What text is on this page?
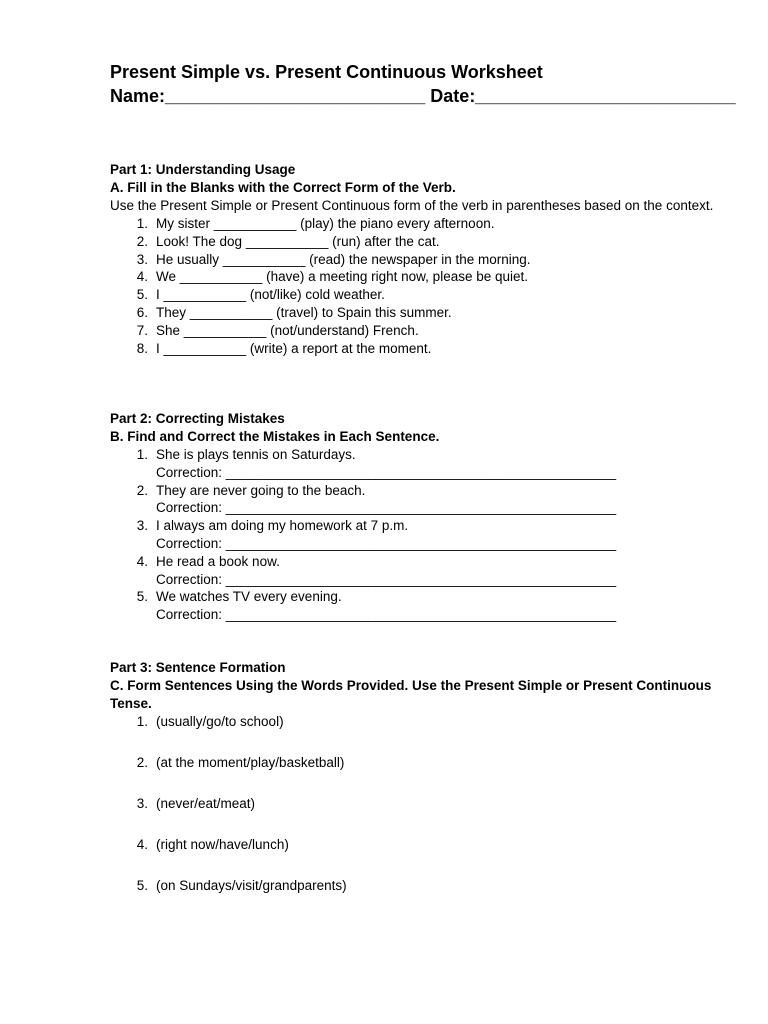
Present Simple vs. Present Continuous Worksheet
Name:__________________________ Date:__________________________

Part 1: Understanding Usage

A. Fill in the Blanks with the Correct Form of the Verb.

Use the Present Simple or Present Continuous form of the verb in parentheses based on the context.

1. My sister ___________ (play) the piano every afternoon.
2. Look! The dog ___________ (run) after the cat.
3. He usually ___________ (read) the newspaper in the morning.
4. We ___________ (have) a meeting right now, please be quiet.
5. I ___________ (not/like) cold weather.
6. They ___________ (travel) to Spain this summer.
7. She ___________ (not/understand) French.
8. I ___________ (write) a report at the moment.

Part 2: Correcting Mistakes

B. Find and Correct the Mistakes in Each Sentence.

1. She is plays tennis on Saturdays.
Correction: ____________________________________________________
2. They are never going to the beach.
Correction: ____________________________________________________
3. I always am doing my homework at 7 p.m.
Correction: ____________________________________________________
4. He read a book now.
Correction: ____________________________________________________
5. We watches TV every evening.
Correction: ____________________________________________________

Part 3: Sentence Formation

C. Form Sentences Using the Words Provided. Use the Present Simple or Present Continuous Tense.

1. (usually/go/to school)
2. (at the moment/play/basketball)
3. (never/eat/meat)
4. (right now/have/lunch)
5. (on Sundays/visit/grandparents)
